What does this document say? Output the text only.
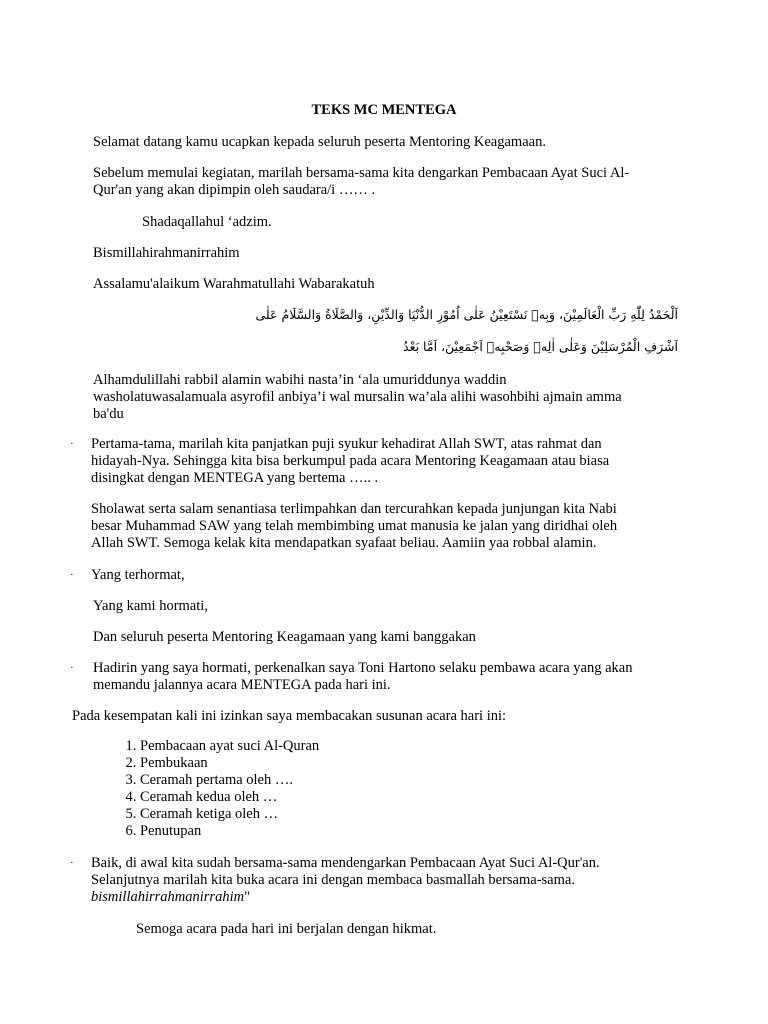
TEKS MC MENTEGA

Selamat datang kamu ucapkan kepada seluruh peserta Mentoring Keagamaan.

Sebelum memulai kegiatan, marilah bersama-sama kita dengarkan Pembacaan Ayat Suci Al-
Qur'an yang akan dipimpin oleh saudara/i …… .

Shadaqallahul ‘adzim.

Bismillahirahmanirrahim

Assalamu'alaikum Warahmatullahi Wabarakatuh

اَلْحَمْدُ لِلّٰهِ رَبِّ الْعَالَمِيْنَ، وَبِهٖ نَسْتَعِيْنُ عَلٰى اُمُوْرِ الدُّنْيَا وَالدِّيْنِ، وَالصَّلَاةُ وَالسَّلَامُ عَلٰى
اَشْرَفِ الْمُرْسَلِيْنَ وَعَلٰى اٰلِهٖ وَصَحْبِهٖ اَجْمَعِيْنَ، اَمَّا بَعْدُ
Alhamdulillahi rabbil alamin wabihi nasta’in ‘ala umuriddunya waddin
washolatuwasalamuala asyrofil anbiya’i wal mursalin wa’ala alihi wasohbihi ajmain amma
ba'du
· Pertama-tama, marilah kita panjatkan puji syukur kehadirat Allah SWT, atas rahmat dan
hidayah-Nya. Sehingga kita bisa berkumpul pada acara Mentoring Keagamaan atau biasa
disingkat dengan MENTEGA yang bertema ….. .
Sholawat serta salam senantiasa terlimpahkan dan tercurahkan kepada junjungan kita Nabi
besar Muhammad SAW yang telah membimbing umat manusia ke jalan yang diridhai oleh
Allah SWT. Semoga kelak kita mendapatkan syafaat beliau. Aamiin yaa robbal alamin.
· Yang terhormat,

Yang kami hormati,

Dan seluruh peserta Mentoring Keagamaan yang kami banggakan

· Hadirin yang saya hormati, perkenalkan saya Toni Hartono selaku pembawa acara yang akan
memandu jalannya acara MENTEGA pada hari ini.

Pada kesempatan kali ini izinkan saya membacakan susunan acara hari ini:

1. Pembacaan ayat suci Al-Quran
2. Pembukaan
3. Ceramah pertama oleh ….
4. Ceramah kedua oleh …
5. Ceramah ketiga oleh …
6. Penutupan
· Baik, di awal kita sudah bersama-sama mendengarkan Pembacaan Ayat Suci Al-Qur'an.
Selanjutnya marilah kita buka acara ini dengan membaca basmallah bersama-sama.
bismillahirrahmanirrahim"

Semoga acara pada hari ini berjalan dengan hikmat.
